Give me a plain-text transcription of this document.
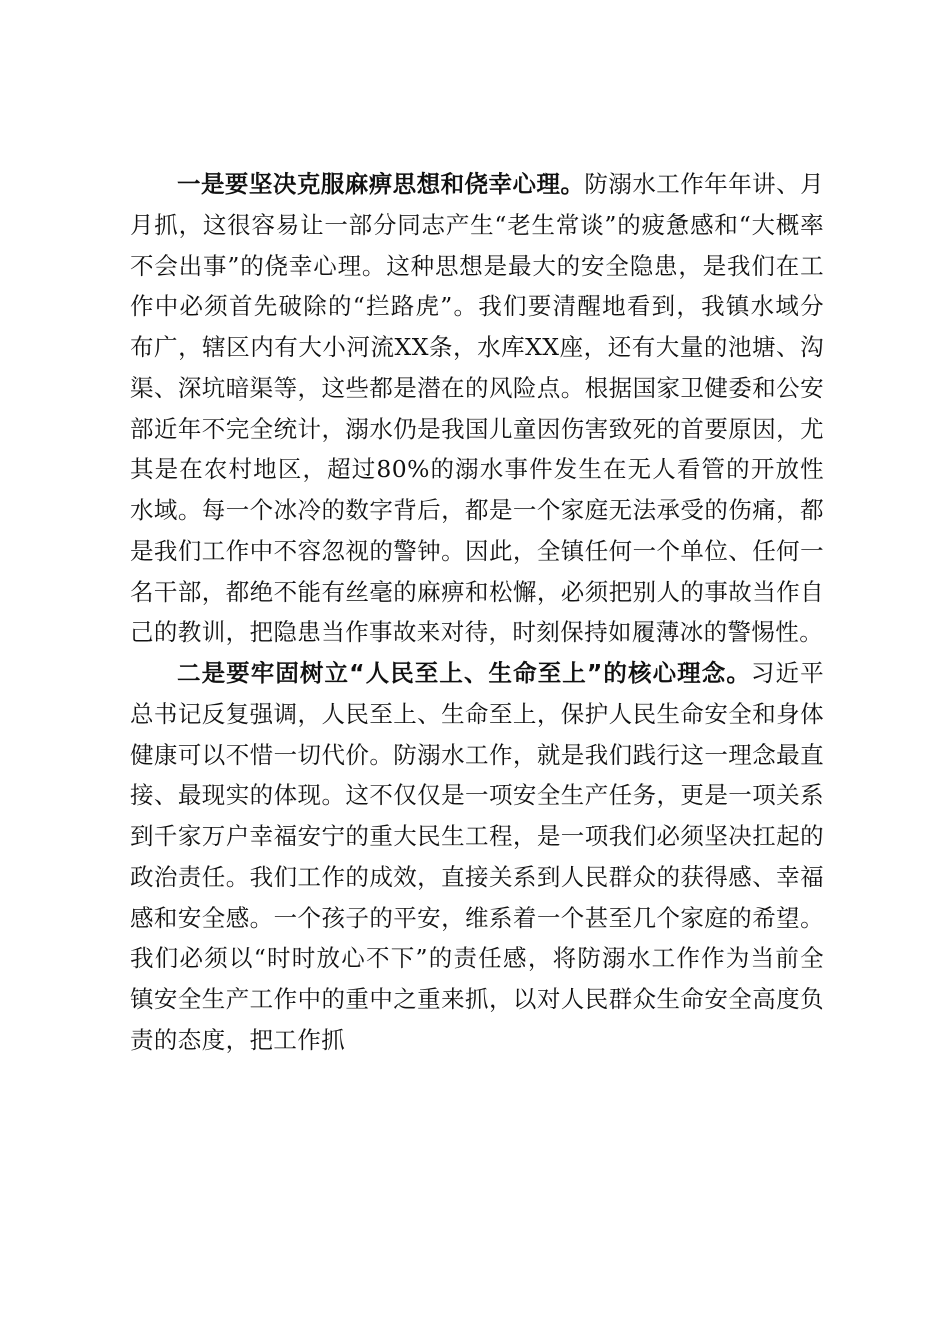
一是要坚决克服麻痹思想和侥幸心理。防溺水工作年年讲、月月抓，这很容易让一部分同志产生“老生常谈”的疲惫感和“大概率不会出事”的侥幸心理。这种思想是最大的安全隐患，是我们在工作中必须首先破除的“拦路虎”。我们要清醒地看到，我镇水域分布广，辖区内有大小河流XX条，水库XX座，还有大量的池塘、沟渠、深坑暗渠等，这些都是潜在的风险点。根据国家卫健委和公安部近年不完全统计，溺水仍是我国儿童因伤害致死的首要原因，尤其是在农村地区，超过80%的溺水事件发生在无人看管的开放性水域。每一个冰冷的数字背后，都是一个家庭无法承受的伤痛，都是我们工作中不容忽视的警钟。因此，全镇任何一个单位、任何一名干部，都绝不能有丝毫的麻痹和松懈，必须把别人的事故当作自己的教训，把隐患当作事故来对待，时刻保持如履薄冰的警惕性。

二是要牢固树立“人民至上、生命至上”的核心理念。习近平总书记反复强调，人民至上、生命至上，保护人民生命安全和身体健康可以不惜一切代价。防溺水工作，就是我们践行这一理念最直接、最现实的体现。这不仅仅是一项安全生产任务，更是一项关系到千家万户幸福安宁的重大民生工程，是一项我们必须坚决扛起的政治责任。我们工作的成效，直接关系到人民群众的获得感、幸福感和安全感。一个孩子的平安，维系着一个甚至几个家庭的希望。我们必须以“时时放心不下”的责任感，将防溺水工作作为当前全镇安全生产工作中的重中之重来抓，以对人民群众生命安全高度负责的态度，把工作抓
